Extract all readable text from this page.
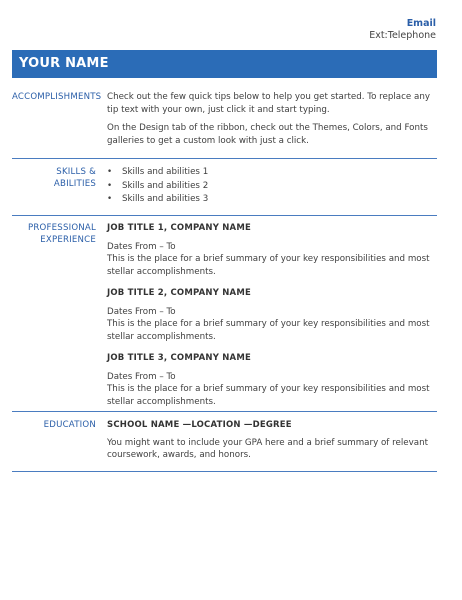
Email
Ext:Telephone
YOUR NAME
ACCOMPLISHMENTS Check out the few quick tips below to help you get started. To replace any tip text with your own, just click it and start typing.

On the Design tab of the ribbon, check out the Themes, Colors, and Fonts galleries to get a custom look with just a click.

SKILLS & ABILITIES
• Skills and abilities 1
• Skills and abilities 2
• Skills and abilities 3
PROFESSIONAL
EXPERIENCE
JOB TITLE 1, COMPANY NAME
Dates From – To
This is the place for a brief summary of your key responsibilities and most stellar accomplishments.
JOB TITLE 2, COMPANY NAME
Dates From – To
This is the place for a brief summary of your key responsibilities and most stellar accomplishments.
JOB TITLE 3, COMPANY NAME
Dates From – To
This is the place for a brief summary of your key responsibilities and most stellar accomplishments.
EDUCATION SCHOOL NAME —LOCATION —DEGREE
You might want to include your GPA here and a brief summary of relevant coursework, awards, and honors.
